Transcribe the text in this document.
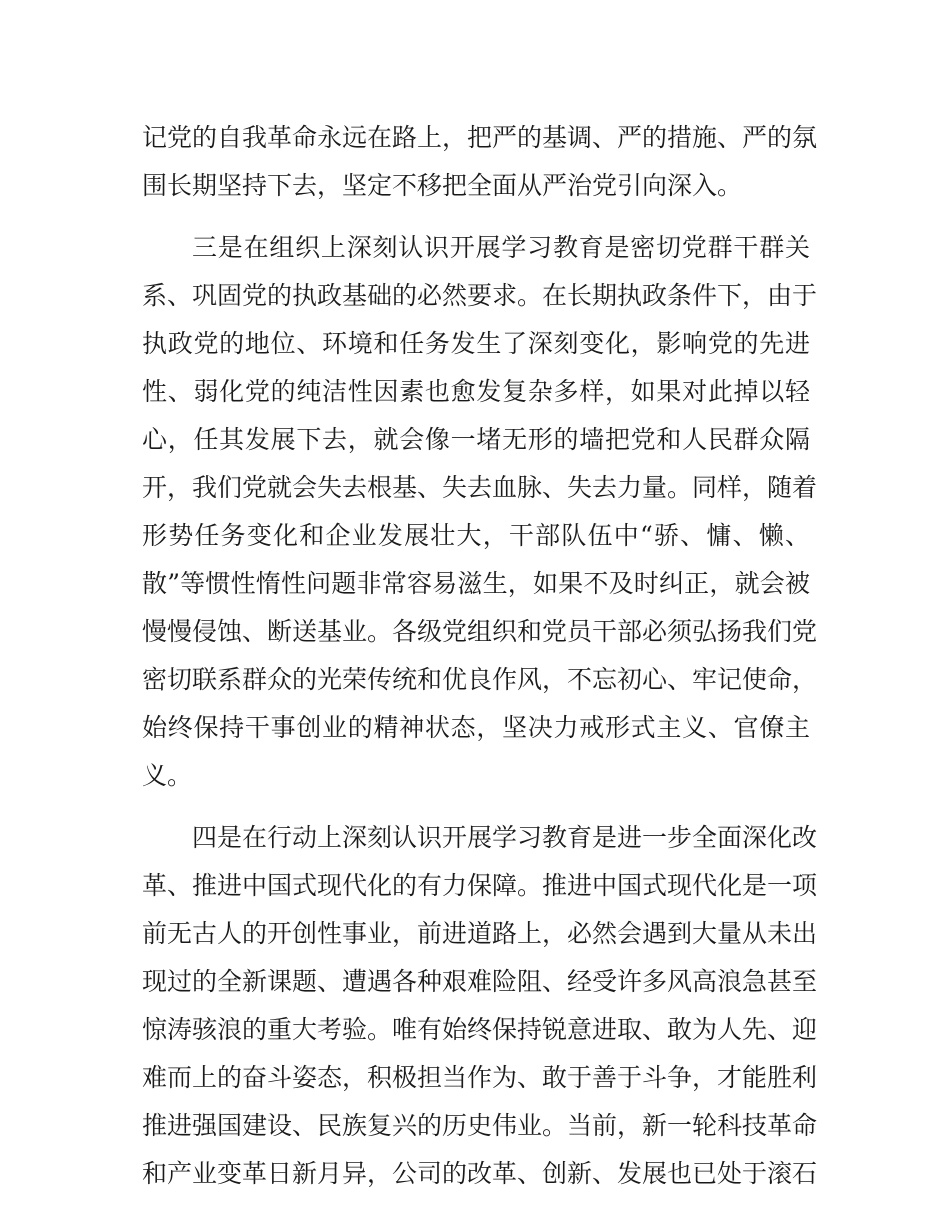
记党的自我革命永远在路上，把严的基调、严的措施、严的氛
围长期坚持下去，坚定不移把全面从严治党引向深入。
三是在组织上深刻认识开展学习教育是密切党群干群关
系、巩固党的执政基础的必然要求。在长期执政条件下，由于
执政党的地位、环境和任务发生了深刻变化，影响党的先进
性、弱化党的纯洁性因素也愈发复杂多样，如果对此掉以轻
心，任其发展下去，就会像一堵无形的墙把党和人民群众隔
开，我们党就会失去根基、失去血脉、失去力量。同样，随着
形势任务变化和企业发展壮大，干部队伍中“骄、慵、懒、
散”等惯性惰性问题非常容易滋生，如果不及时纠正，就会被
慢慢侵蚀、断送基业。各级党组织和党员干部必须弘扬我们党
密切联系群众的光荣传统和优良作风，不忘初心、牢记使命，
始终保持干事创业的精神状态，坚决力戒形式主义、官僚主
义。
四是在行动上深刻认识开展学习教育是进一步全面深化改
革、推进中国式现代化的有力保障。推进中国式现代化是一项
前无古人的开创性事业，前进道路上，必然会遇到大量从未出
现过的全新课题、遭遇各种艰难险阻、经受许多风高浪急甚至
惊涛骇浪的重大考验。唯有始终保持锐意进取、敢为人先、迎
难而上的奋斗姿态，积极担当作为、敢于善于斗争，才能胜利
推进强国建设、民族复兴的历史伟业。当前，新一轮科技革命
和产业变革日新月异，公司的改革、创新、发展也已处于滚石
